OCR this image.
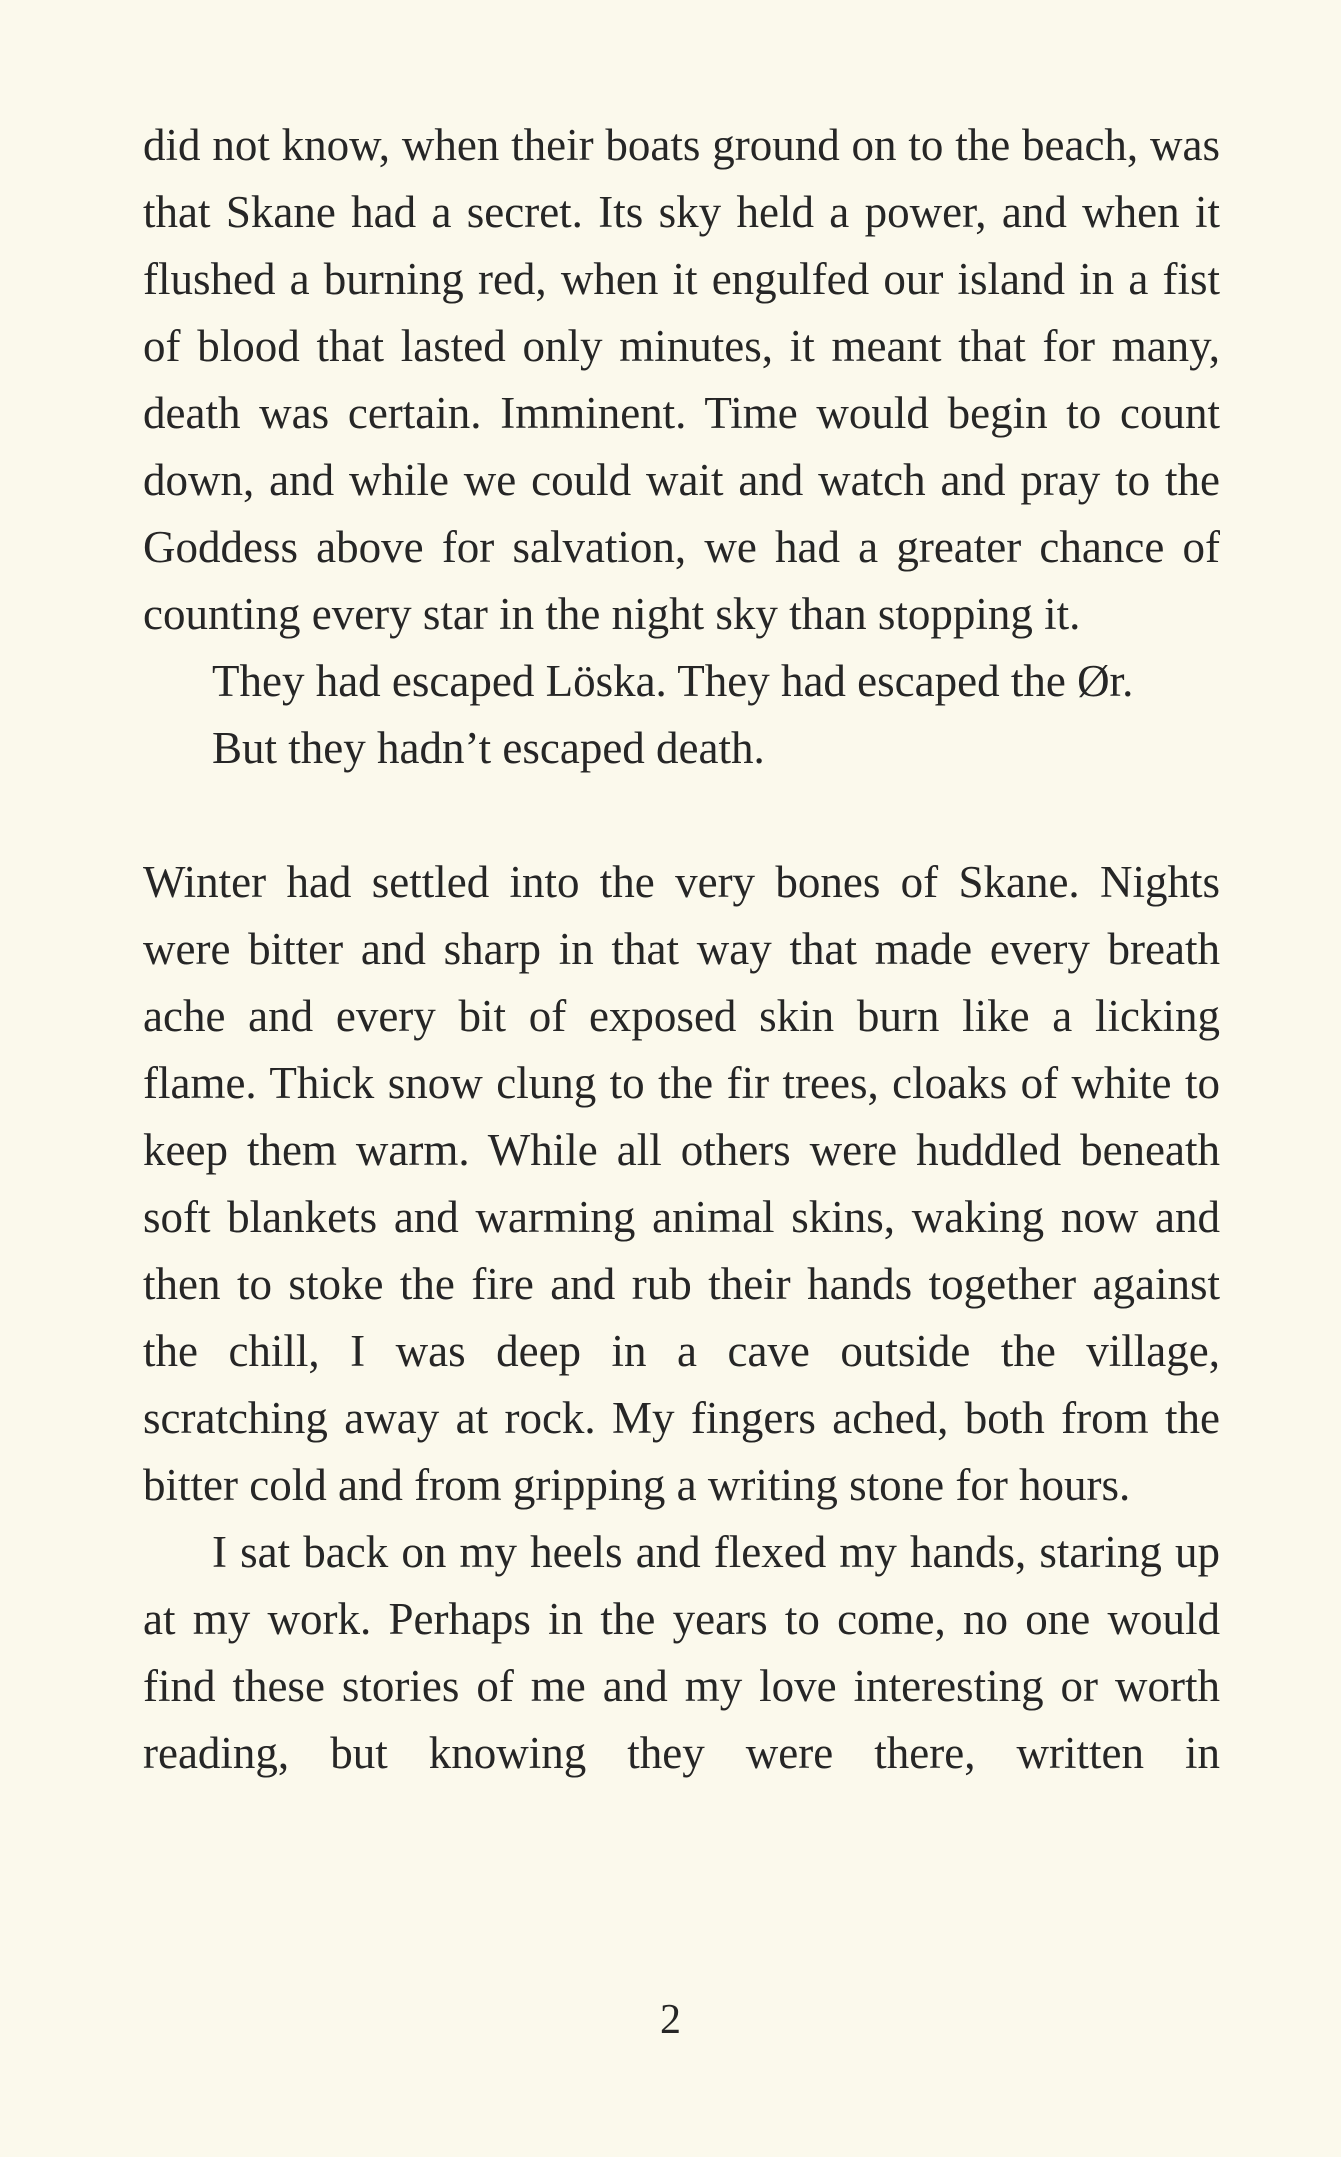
did not know, when their boats ground on to the beach, was that Skane had a secret. Its sky held a power, and when it flushed a burning red, when it engulfed our island in a fist of blood that lasted only minutes, it meant that for many, death was certain. Imminent. Time would begin to count down, and while we could wait and watch and pray to the Goddess above for salvation, we had a greater chance of counting every star in the night sky than stopping it.

They had escaped Löska. They had escaped the Ør.

But they hadn’t escaped death.

Winter had settled into the very bones of Skane. Nights were bitter and sharp in that way that made every breath ache and every bit of exposed skin burn like a licking flame. Thick snow clung to the fir trees, cloaks of white to keep them warm. While all others were huddled beneath soft blankets and warming animal skins, waking now and then to stoke the fire and rub their hands together against the chill, I was deep in a cave outside the village, scratching away at rock. My fingers ached, both from the bitter cold and from gripping a writing stone for hours.

I sat back on my heels and flexed my hands, staring up at my work. Perhaps in the years to come, no one would find these stories of me and my love interesting or worth reading, but knowing they were there, written in

2
